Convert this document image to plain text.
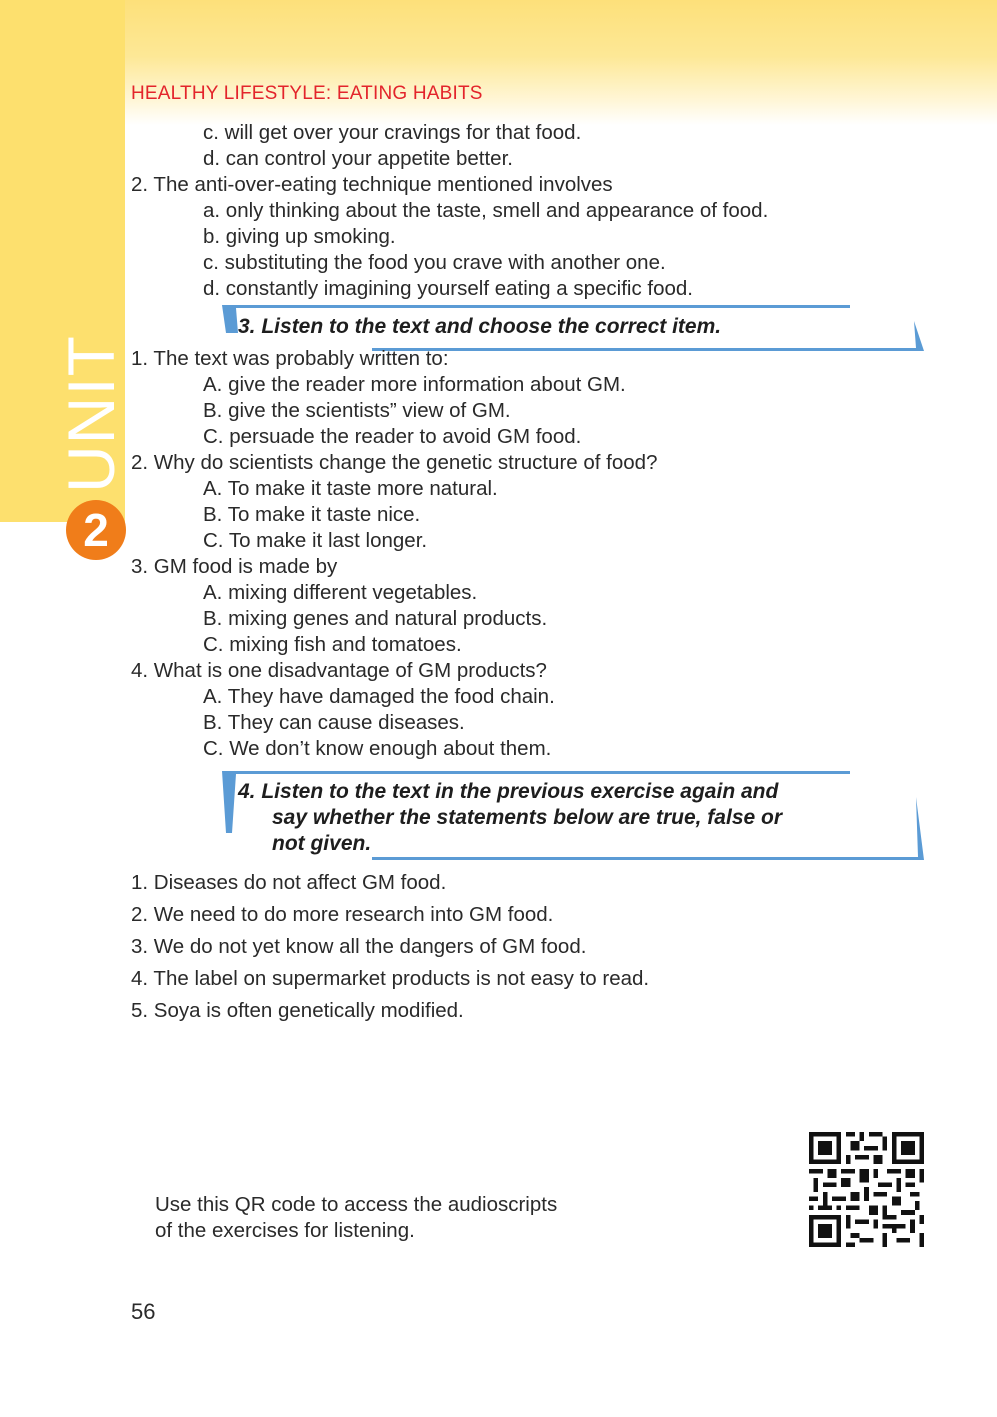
HEALTHY LIFESTYLE: EATING HABITS
UNIT
2
c. will get over your cravings for that food.
d. can control your appetite better.
2. The anti-over-eating technique mentioned involves
a. only thinking about the taste, smell and appearance of food.
b. giving up smoking.
c. substituting the food you crave with another one.
d. constantly imagining yourself eating a specific food.
3. Listen to the text and choose the correct item.
1. The text was probably written to:
A. give the reader more information about GM.
B. give the scientists” view of GM.
C. persuade the reader to avoid GM food.
2. Why do scientists change the genetic structure of food?
A. To make it taste more natural.
B. To make it taste nice.
C. To make it last longer.
3. GM food is made by
A. mixing different vegetables.
B. mixing genes and natural products.
C. mixing fish and tomatoes.
4. What is one disadvantage of GM products?
A. They have damaged the food chain.
B. They can cause diseases.
C. We don’t know enough about them.
4. Listen to the text in the previous exercise again and
say whether the statements below are true, false or
not given.
1. Diseases do not affect GM food.
2. We need to do more research into GM food.
3. We do not yet know all the dangers of GM food.
4. The label on supermarket products is not easy to read.
5. Soya is often genetically modified.
Use this QR code to access the audioscripts
of the exercises for listening.
56
